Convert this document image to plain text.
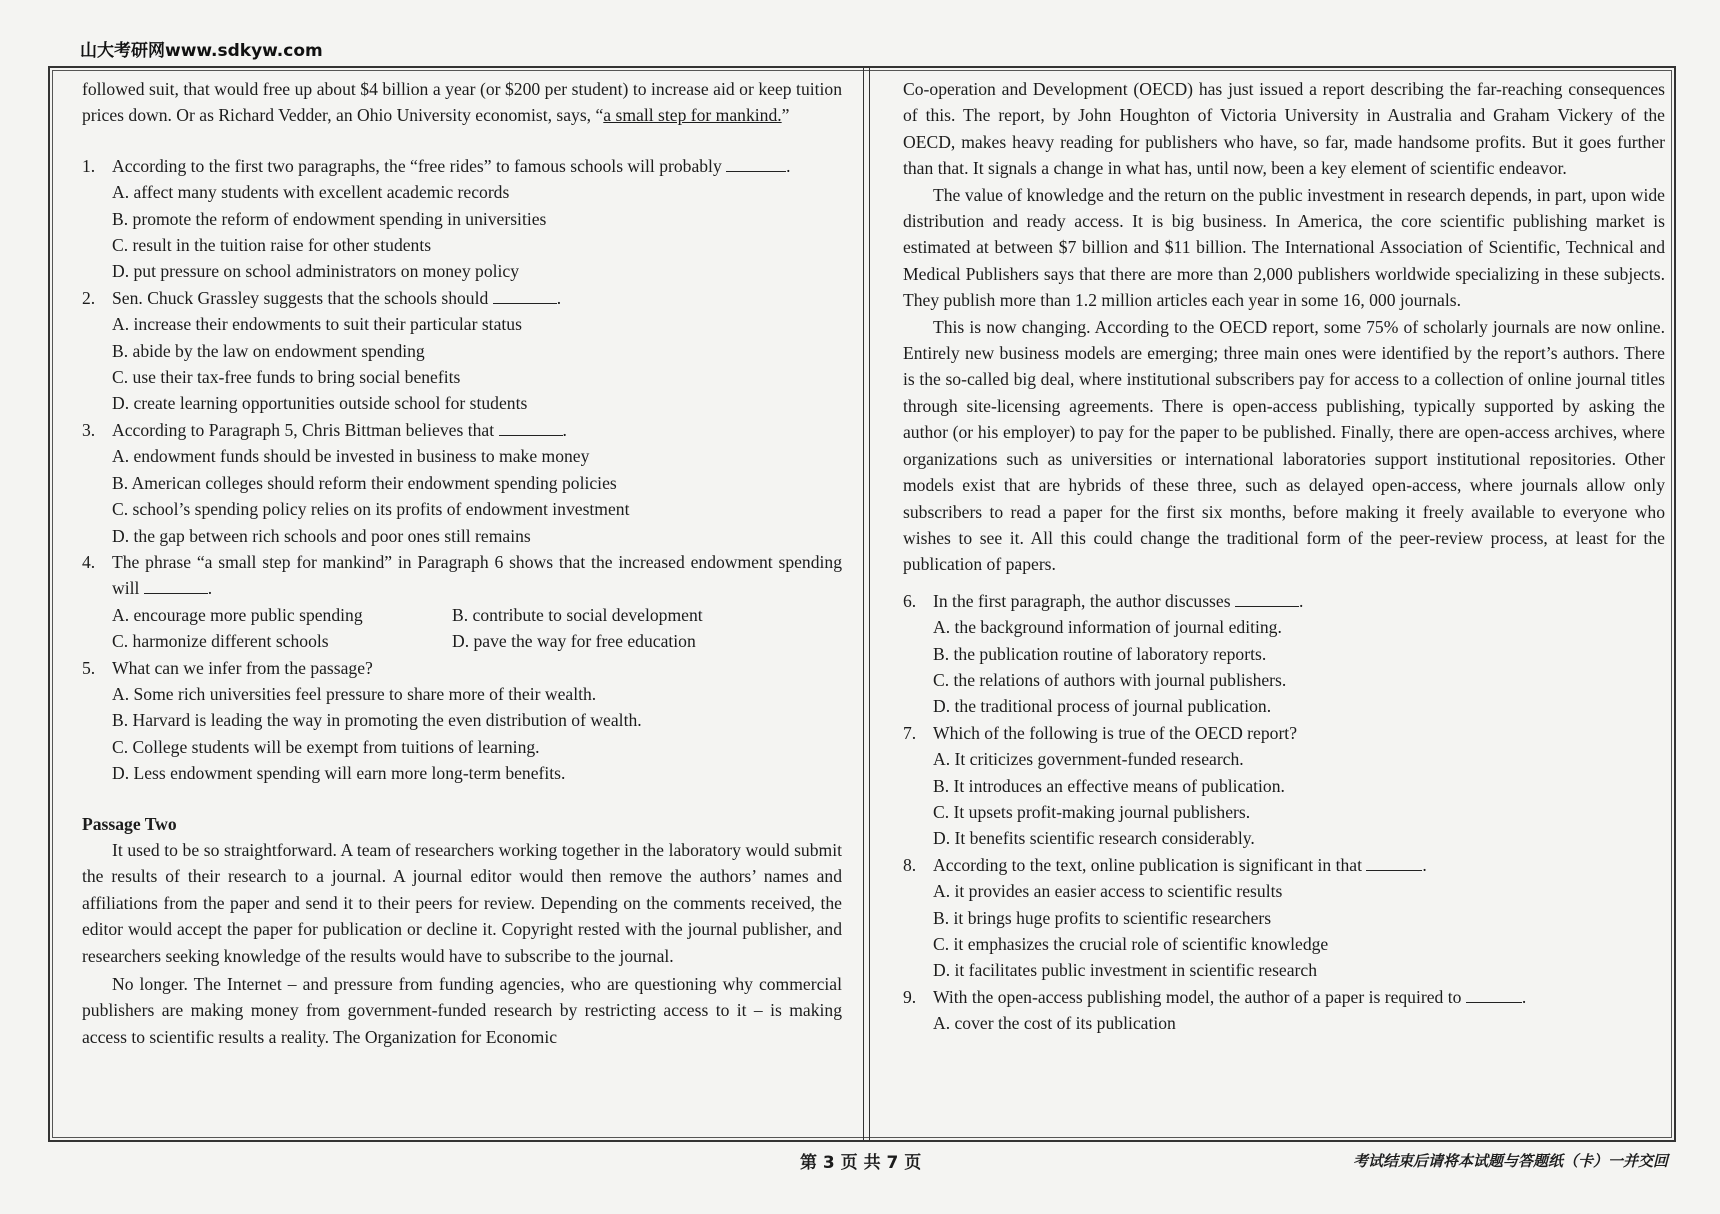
山大考研网www.sdkyw.com

followed suit, that would free up about $4 billion a year (or $200 per student) to increase aid or keep tuition prices down. Or as Richard Vedder, an Ohio University economist, says, “a small step for mankind.”

1. According to the first two paragraphs, the “free rides” to famous schools will probably	.

A. affect many students with excellent academic records

B. promote the reform of endowment spending in universities

C. result in the tuition raise for other students

D. put pressure on school administrators on money policy

2. Sen. Chuck Grassley suggests that the schools should	.

A. increase their endowments to suit their particular status

B. abide by the law on endowment spending

C. use their tax-free funds to bring social benefits

D. create learning opportunities outside school for students

3. According to Paragraph 5, Chris Bittman believes that	.

A. endowment funds should be invested in business to make money

B. American colleges should reform their endowment spending policies

C. school’s spending policy relies on its profits of endowment investment

D. the gap between rich schools and poor ones still remains

4. The phrase “a small step for mankind” in Paragraph 6 shows that the increased endowment spending will	.

A. encourage more public spending	B. contribute to social development
C. harmonize different schools	D. pave the way for free education

5. What can we infer from the passage?

A. Some rich universities feel pressure to share more of their wealth.

B. Harvard is leading the way in promoting the even distribution of wealth.

C. College students will be exempt from tuitions of learning.

D. Less endowment spending will earn more long-term benefits.

Passage Two

It used to be so straightforward. A team of researchers working together in the laboratory would submit the results of their research to a journal. A journal editor would then remove the authors’ names and affiliations from the paper and send it to their peers for review. Depending on the comments received, the editor would accept the paper for publication or decline it. Copyright rested with the journal publisher, and researchers seeking knowledge of the results would have to subscribe to the journal.

No longer. The Internet – and pressure from funding agencies, who are questioning why commercial publishers are making money from government-funded research by restricting access to it – is making access to scientific results a reality. The Organization for Economic

Co-operation and Development (OECD) has just issued a report describing the far-reaching consequences of this. The report, by John Houghton of Victoria University in Australia and Graham Vickery of the OECD, makes heavy reading for publishers who have, so far, made handsome profits. But it goes further than that. It signals a change in what has, until now, been a key element of scientific endeavor.

The value of knowledge and the return on the public investment in research depends, in part, upon wide distribution and ready access. It is big business. In America, the core scientific publishing market is estimated at between $7 billion and $11 billion. The International Association of Scientific, Technical and Medical Publishers says that there are more than 2,000 publishers worldwide specializing in these subjects. They publish more than 1.2 million articles each year in some 16, 000 journals.

This is now changing. According to the OECD report, some 75% of scholarly journals are now online. Entirely new business models are emerging; three main ones were identified by the report’s authors. There is the so-called big deal, where institutional subscribers pay for access to a collection of online journal titles through site-licensing agreements. There is open-access publishing, typically supported by asking the author (or his employer) to pay for the paper to be published. Finally, there are open-access archives, where organizations such as universities or international laboratories support institutional repositories. Other models exist that are hybrids of these three, such as delayed open-access, where journals allow only subscribers to read a paper for the first six months, before making it freely available to everyone who wishes to see it. All this could change the traditional form of the peer-review process, at least for the publication of papers.

6. In the first paragraph, the author discusses	.

A. the background information of journal editing.

B. the publication routine of laboratory reports.

C. the relations of authors with journal publishers.

D. the traditional process of journal publication.

7. Which of the following is true of the OECD report?

A. It criticizes government-funded research.

B. It introduces an effective means of publication.

C. It upsets profit-making journal publishers.

D. It benefits scientific research considerably.

8. According to the text, online publication is significant in that	.

A. it provides an easier access to scientific results

B. it brings huge profits to scientific researchers

C. it emphasizes the crucial role of scientific knowledge

D. it facilitates public investment in scientific research

9. With the open-access publishing model, the author of a paper is required to	.

A. cover the cost of its publication

第 3 页 共 7 页	考试结束后请将本试题与答题纸（卡）一并交回
